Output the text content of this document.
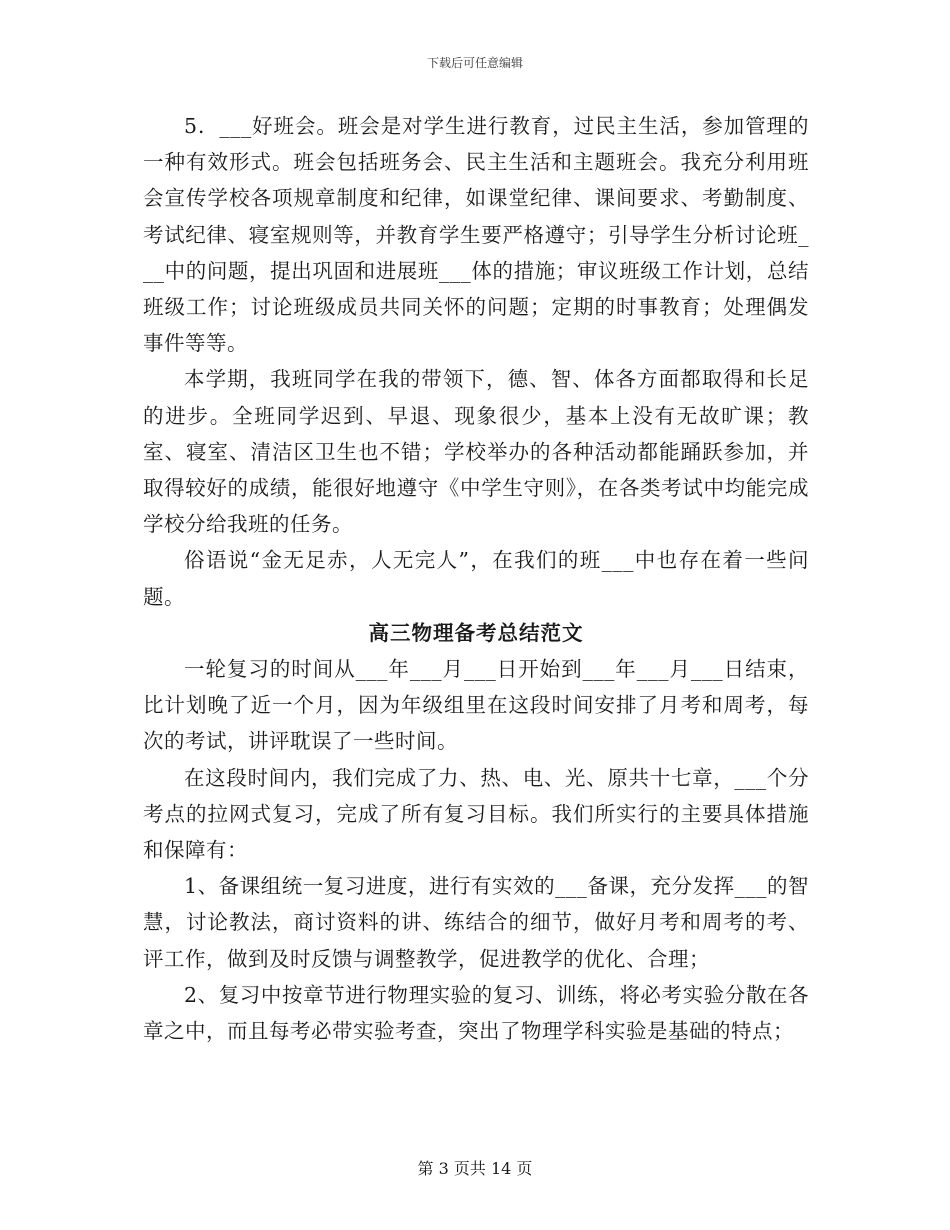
下载后可任意编辑

5．___好班会。班会是对学生进行教育，过民主生活，参加管理的一种有效形式。班会包括班务会、民主生活和主题班会。我充分利用班会宣传学校各项规章制度和纪律，如课堂纪律、课间要求、考勤制度、考试纪律、寝室规则等，并教育学生要严格遵守；引导学生分析讨论班___中的问题，提出巩固和进展班___体的措施；审议班级工作计划，总结班级工作；讨论班级成员共同关怀的问题；定期的时事教育；处理偶发事件等等。

本学期，我班同学在我的带领下，德、智、体各方面都取得和长足的进步。全班同学迟到、早退、现象很少，基本上没有无故旷课；教室、寝室、清洁区卫生也不错；学校举办的各种活动都能踊跃参加，并取得较好的成绩，能很好地遵守《中学生守则》，在各类考试中均能完成学校分给我班的任务。

俗语说“金无足赤，人无完人”，在我们的班___中也存在着一些问题。

高三物理备考总结范文

一轮复习的时间从___年___月___日开始到___年___月___日结束，比计划晚了近一个月，因为年级组里在这段时间安排了月考和周考，每次的考试，讲评耽误了一些时间。

在这段时间内，我们完成了力、热、电、光、原共十七章，___个分考点的拉网式复习，完成了所有复习目标。我们所实行的主要具体措施和保障有：

1、备课组统一复习进度，进行有实效的___备课，充分发挥___的智慧，讨论教法，商讨资料的讲、练结合的细节，做好月考和周考的考、评工作，做到及时反馈与调整教学，促进教学的优化、合理；

2、复习中按章节进行物理实验的复习、训练，将必考实验分散在各章之中，而且每考必带实验考查，突出了物理学科实验是基础的特点；

第 3 页共 14 页
